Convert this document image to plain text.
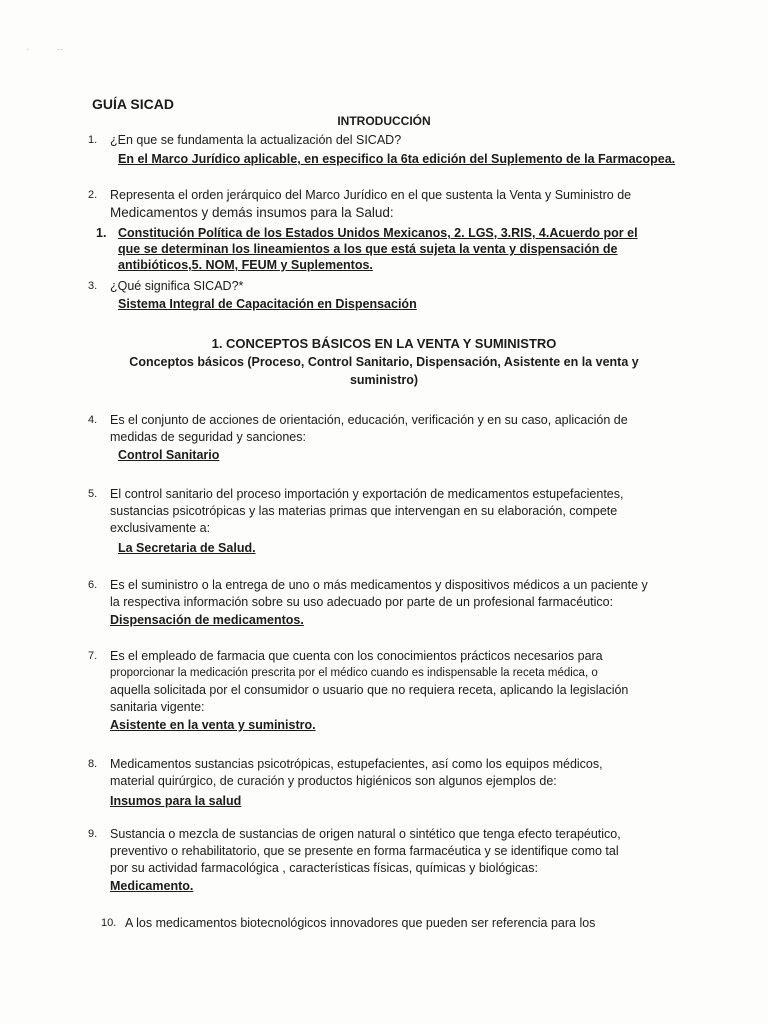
·	-·
GUÍA SICAD
INTRODUCCIÓN
1. ¿En que se fundamenta la actualización del SICAD?
En el Marco Jurídico aplicable, en especifico la 6ta edición del Suplemento de la Farmacopea.
2. Representa el orden jerárquico del Marco Jurídico en el que sustenta la Venta y Suministro de
Medicamentos y demás insumos para la Salud:
1. Constitución Política de los Estados Unidos Mexicanos, 2. LGS, 3.RIS, 4.Acuerdo por el
que se determinan los lineamientos a los que está sujeta la venta y dispensación de
antibióticos,5. NOM, FEUM y Suplementos.
3. ¿Qué significa SICAD?*
Sistema Integral de Capacitación en Dispensación
1. CONCEPTOS BÁSICOS EN LA VENTA Y SUMINISTRO
Conceptos básicos (Proceso, Control Sanitario, Dispensación, Asistente en la venta y
suministro)
4. Es el conjunto de acciones de orientación, educación, verificación y en su caso, aplicación de
medidas de seguridad y sanciones:
Control Sanitario
5. El control sanitario del proceso importación y exportación de medicamentos estupefacientes,
sustancias psicotrópicas y las materias primas que intervengan en su elaboración, compete
exclusivamente a:
La Secretaria de Salud.
6. Es el suministro o la entrega de uno o más medicamentos y dispositivos médicos a un paciente y
la respectiva información sobre su uso adecuado por parte de un profesional farmacéutico:
Dispensación de medicamentos.
7. Es el empleado de farmacia que cuenta con los conocimientos prácticos necesarios para
proporcionar la medicación prescrita por el médico cuando es indispensable la receta médica, o
aquella solicitada por el consumidor o usuario que no requiera receta, aplicando la legislación
sanitaria vigente:
Asistente en la venta y suministro.
8. Medicamentos sustancias psicotrópicas, estupefacientes, así como los equipos médicos,
material quirúrgico, de curación y productos higiénicos son algunos ejemplos de:
Insumos para la salud
9. Sustancia o mezcla de sustancias de origen natural o sintético que tenga efecto terapéutico,
preventivo o rehabilitatorio, que se presente en forma farmacéutica y se identifique como tal
por su actividad farmacológica , características físicas, químicas y biológicas:
Medicamento.
10. A los medicamentos biotecnológicos innovadores que pueden ser referencia para los
